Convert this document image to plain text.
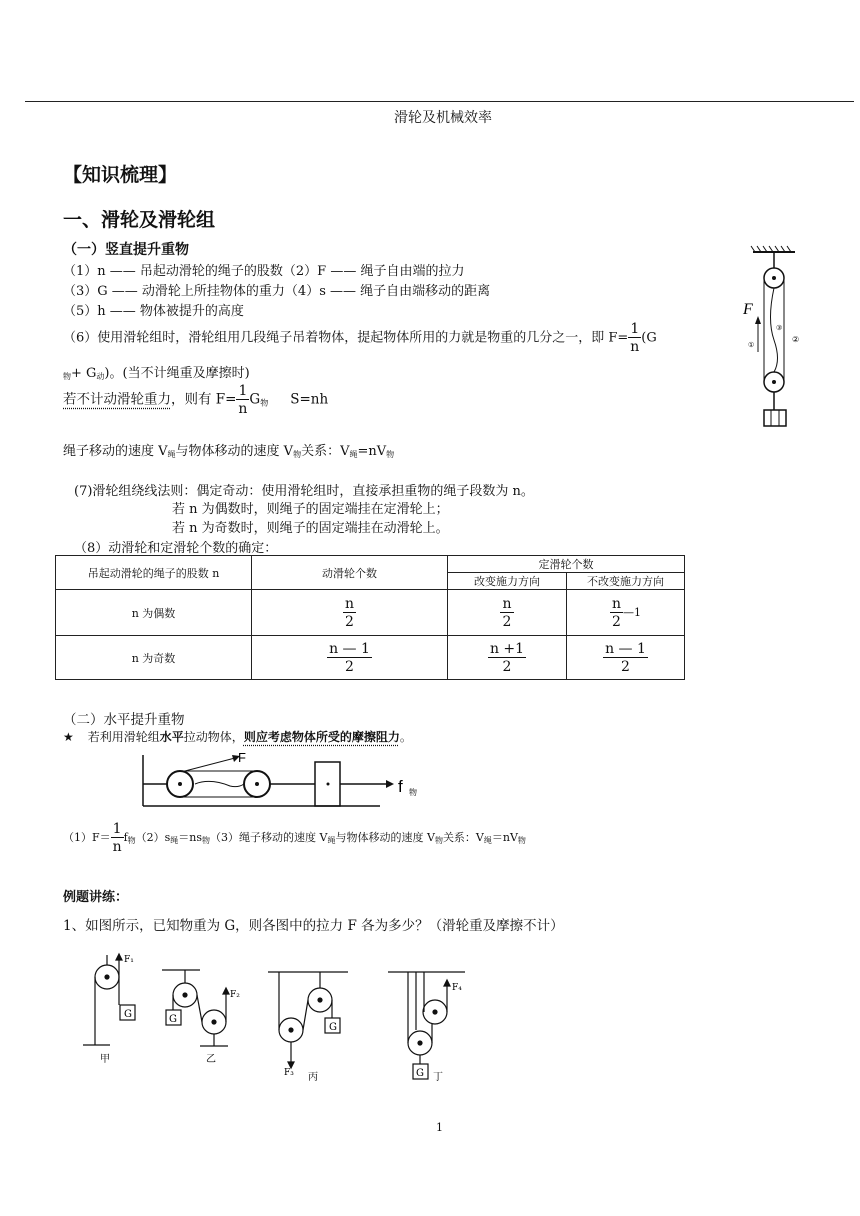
滑轮及机械效率
【知识梳理】
一、滑轮及滑轮组
（一）竖直提升重物
（1）n —— 吊起动滑轮的绳子的股数（2）F —— 绳子自由端的拉力
（3）G —— 动滑轮上所挂物体的重力（4）s —— 绳子自由端移动的距离
（5）h —— 物体被提升的高度
（6）使用滑轮组时，滑轮组用几段绳子吊着物体，提起物体所用的力就是物重的几分之一，即 $F= \frac{1}{n} (G$
$_物+ G_动$)。(当不计绳重及摩擦时)
若不计动滑轮重力，则有 $F= \frac{1}{n} G_物$ S=nh
绳子移动的速度 $V_绳$与物体移动的速度 $V_物$关系：$V_绳=nV_物$
(7)滑轮组绕线法则：偶定奇动：使用滑轮组时，直接承担重物的绳子段数为 n。
若 n 为偶数时，则绳子的固定端挂在定滑轮上；
若 n 为奇数时，则绳子的固定端挂在动滑轮上。
（8）动滑轮和定滑轮个数的确定：
F
①
②
③
吊起动滑轮的绳子的股数 n	动滑轮个数	定滑轮个数	
		改变施力方向	不改变施力方向
n 为偶数	$\frac{n}{2}$	$\frac{n}{2}$	$\frac{n}{2}$ —1
n 为奇数	$\frac{n — 1}{2}$	$\frac{n +1}{2}$	$\frac{n — 1}{2}$
（二）水平提升重物
★ 若利用滑轮组水平拉动物体，则应考虑物体所受的摩擦阻力。
F
f 物
$(1)F= \frac{1}{n} f_物(2)s_绳=ns_物(3)$绳子移动的速度 $V_绳$与物体移动的速度 $V_物$关系：$V_绳=nV_物$
例题讲练：
1、如图所示，已知物重为 G，则各图中的拉力 F 各为多少？（滑轮重及摩擦不计）
F₁
G
甲
F₂
G
乙
F₃
G
丙
F₄
G 丁
1
